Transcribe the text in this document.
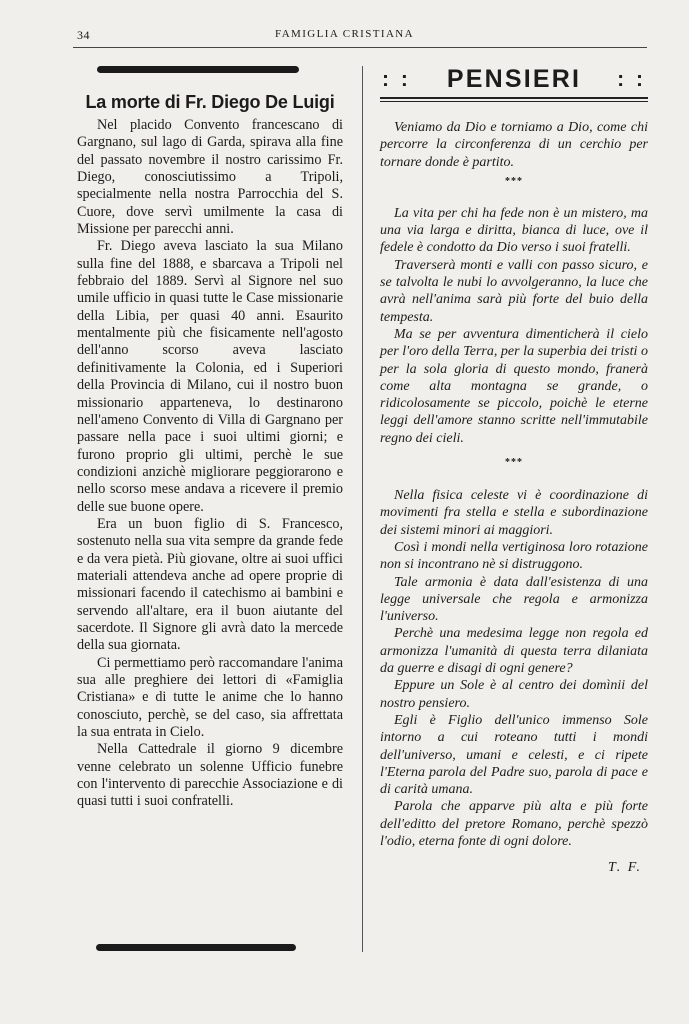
34	FAMIGLIA CRISTIANA
La morte di Fr. Diego De Luigi

Nel placido Convento francescano di Gargnano, sul lago di Garda, spirava alla fine del passato novembre il nostro carissimo Fr. Diego, conosciutissimo a Tripoli, specialmente nella nostra Parrocchia del S. Cuore, dove servì umilmente la casa di Missione per parecchi anni.

Fr. Diego aveva lasciato la sua Milano sulla fine del 1888, e sbarcava a Tripoli nel febbraio del 1889. Servì al Signore nel suo umile ufficio in quasi tutte le Case missionarie della Libia, per quasi 40 anni. Esaurito mentalmente più che fisicamente nell'agosto dell'anno scorso aveva lasciato definitivamente la Colonia, ed i Superiori della Provincia di Milano, cui il nostro buon missionario apparteneva, lo destinarono nell'ameno Convento di Villa di Gargnano per passare nella pace i suoi ultimi giorni; e furono proprio gli ultimi, perchè le sue condizioni anzichè migliorare peggiorarono e nello scorso mese andava a ricevere il premio delle sue buone opere.

Era un buon figlio di S. Francesco, sostenuto nella sua vita sempre da grande fede e da vera pietà. Più giovane, oltre ai suoi uffici materiali attendeva anche ad opere proprie di missionari facendo il catechismo ai bambini e servendo all'altare, era il buon aiutante del sacerdote. Il Signore gli avrà dato la mercede della sua giornata.

Ci permettiamo però raccomandare l'anima sua alle preghiere dei lettori di «Famiglia Cristiana» e di tutte le anime che lo hanno conosciuto, perchè, se del caso, sia affrettata la sua entrata in Cielo.

Nella Cattedrale il giorno 9 dicembre venne celebrato un solenne Ufficio funebre con l'intervento di parecchie Associazione e di quasi tutti i suoi confratelli.

: : PENSIERI : :

Veniamo da Dio e torniamo a Dio, come chi percorre la circonferenza di un cerchio per tornare donde è partito.

***

La vita per chi ha fede non è un mistero, ma una via larga e diritta, bianca di luce, ove il fedele è condotto da Dio verso i suoi fratelli.

Traverserà monti e valli con passo sicuro, e se talvolta le nubi lo avvolgeranno, la luce che avrà nell'anima sarà più forte del buio della tempesta.

Ma se per avventura dimenticherà il cielo per l'oro della Terra, per la superbia dei tristi o per la sola gloria di questo mondo, franerà come alta montagna se grande, o ridicolosamente se piccolo, poichè le eterne leggi dell'amore stanno scritte nell'immutabile regno dei cieli.

***

Nella fisica celeste vi è coordinazione di movimenti fra stella e stella e subordinazione dei sistemi minori ai maggiori.

Così i mondi nella vertiginosa loro rotazione non si incontrano nè si distruggono.

Tale armonia è data dall'esistenza di una legge universale che regola e armonizza l'universo.

Perchè una medesima legge non regola ed armonizza l'umanità di questa terra dilaniata da guerre e disagi di ogni genere?

Eppure un Sole è al centro dei domìnii del nostro pensiero.

Egli è Figlio dell'unico immenso Sole intorno a cui roteano tutti i mondi dell'universo, umani e celesti, e ci ripete l'Eterna parola del Padre suo, parola di pace e di carità umana.

Parola che apparve più alta e più forte dell'editto del pretore Romano, perchè spezzò l'odio, eterna fonte di ogni dolore.

T. F.
